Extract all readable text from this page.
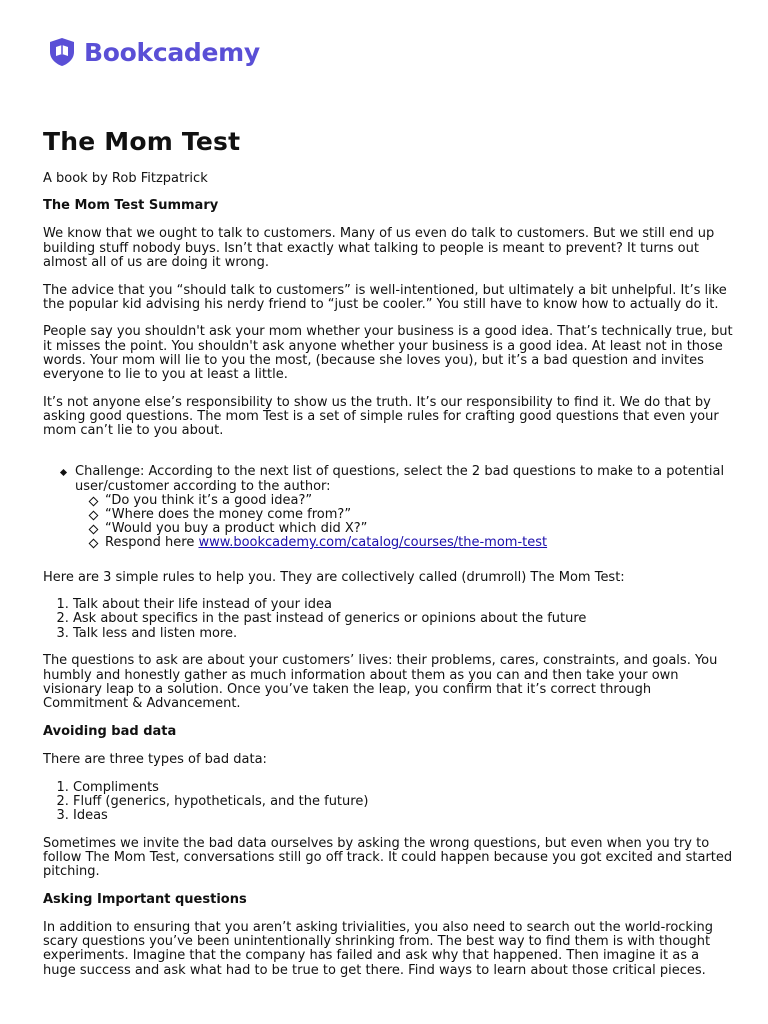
Bookcademy
The Mom Test

A book by Rob Fitzpatrick

The Mom Test Summary

We know that we ought to talk to customers. Many of us even do talk to customers. But we still end up building stuff nobody buys. Isn’t that exactly what talking to people is meant to prevent? It turns out almost all of us are doing it wrong.

The advice that you “should talk to customers” is well-intentioned, but ultimately a bit unhelpful. It’s like the popular kid advising his nerdy friend to “just be cooler.” You still have to know how to actually do it.

People say you shouldn't ask your mom whether your business is a good idea. That’s technically true, but it misses the point. You shouldn't ask anyone whether your business is a good idea. At least not in those words. Your mom will lie to you the most, (because she loves you), but it’s a bad question and invites everyone to lie to you at least a little.

It’s not anyone else’s responsibility to show us the truth. It’s our responsibility to find it. We do that by asking good questions. The mom Test is a set of simple rules for crafting good questions that even your mom can’t lie to you about.

Challenge: According to the next list of questions, select the 2 bad questions to make to a potential user/customer according to the author:
“Do you think it’s a good idea?”
“Where does the money come from?”
“Would you buy a product which did X?”
Respond here www.bookcademy.com/catalog/courses/the-mom-test

Here are 3 simple rules to help you. They are collectively called (drumroll) The Mom Test:

1. Talk about their life instead of your idea
2. Ask about specifics in the past instead of generics or opinions about the future
3. Talk less and listen more.

The questions to ask are about your customers’ lives: their problems, cares, constraints, and goals. You humbly and honestly gather as much information about them as you can and then take your own visionary leap to a solution. Once you’ve taken the leap, you confirm that it’s correct through Commitment & Advancement.

Avoiding bad data

There are three types of bad data:

1. Compliments
2. Fluff (generics, hypotheticals, and the future)
3. Ideas

Sometimes we invite the bad data ourselves by asking the wrong questions, but even when you try to follow The Mom Test, conversations still go off track. It could happen because you got excited and started pitching.

Asking Important questions

In addition to ensuring that you aren’t asking trivialities, you also need to search out the world-rocking scary questions you’ve been unintentionally shrinking from. The best way to find them is with thought experiments. Imagine that the company has failed and ask why that happened. Then imagine it as a huge success and ask what had to be true to get there. Find ways to learn about those critical pieces.
